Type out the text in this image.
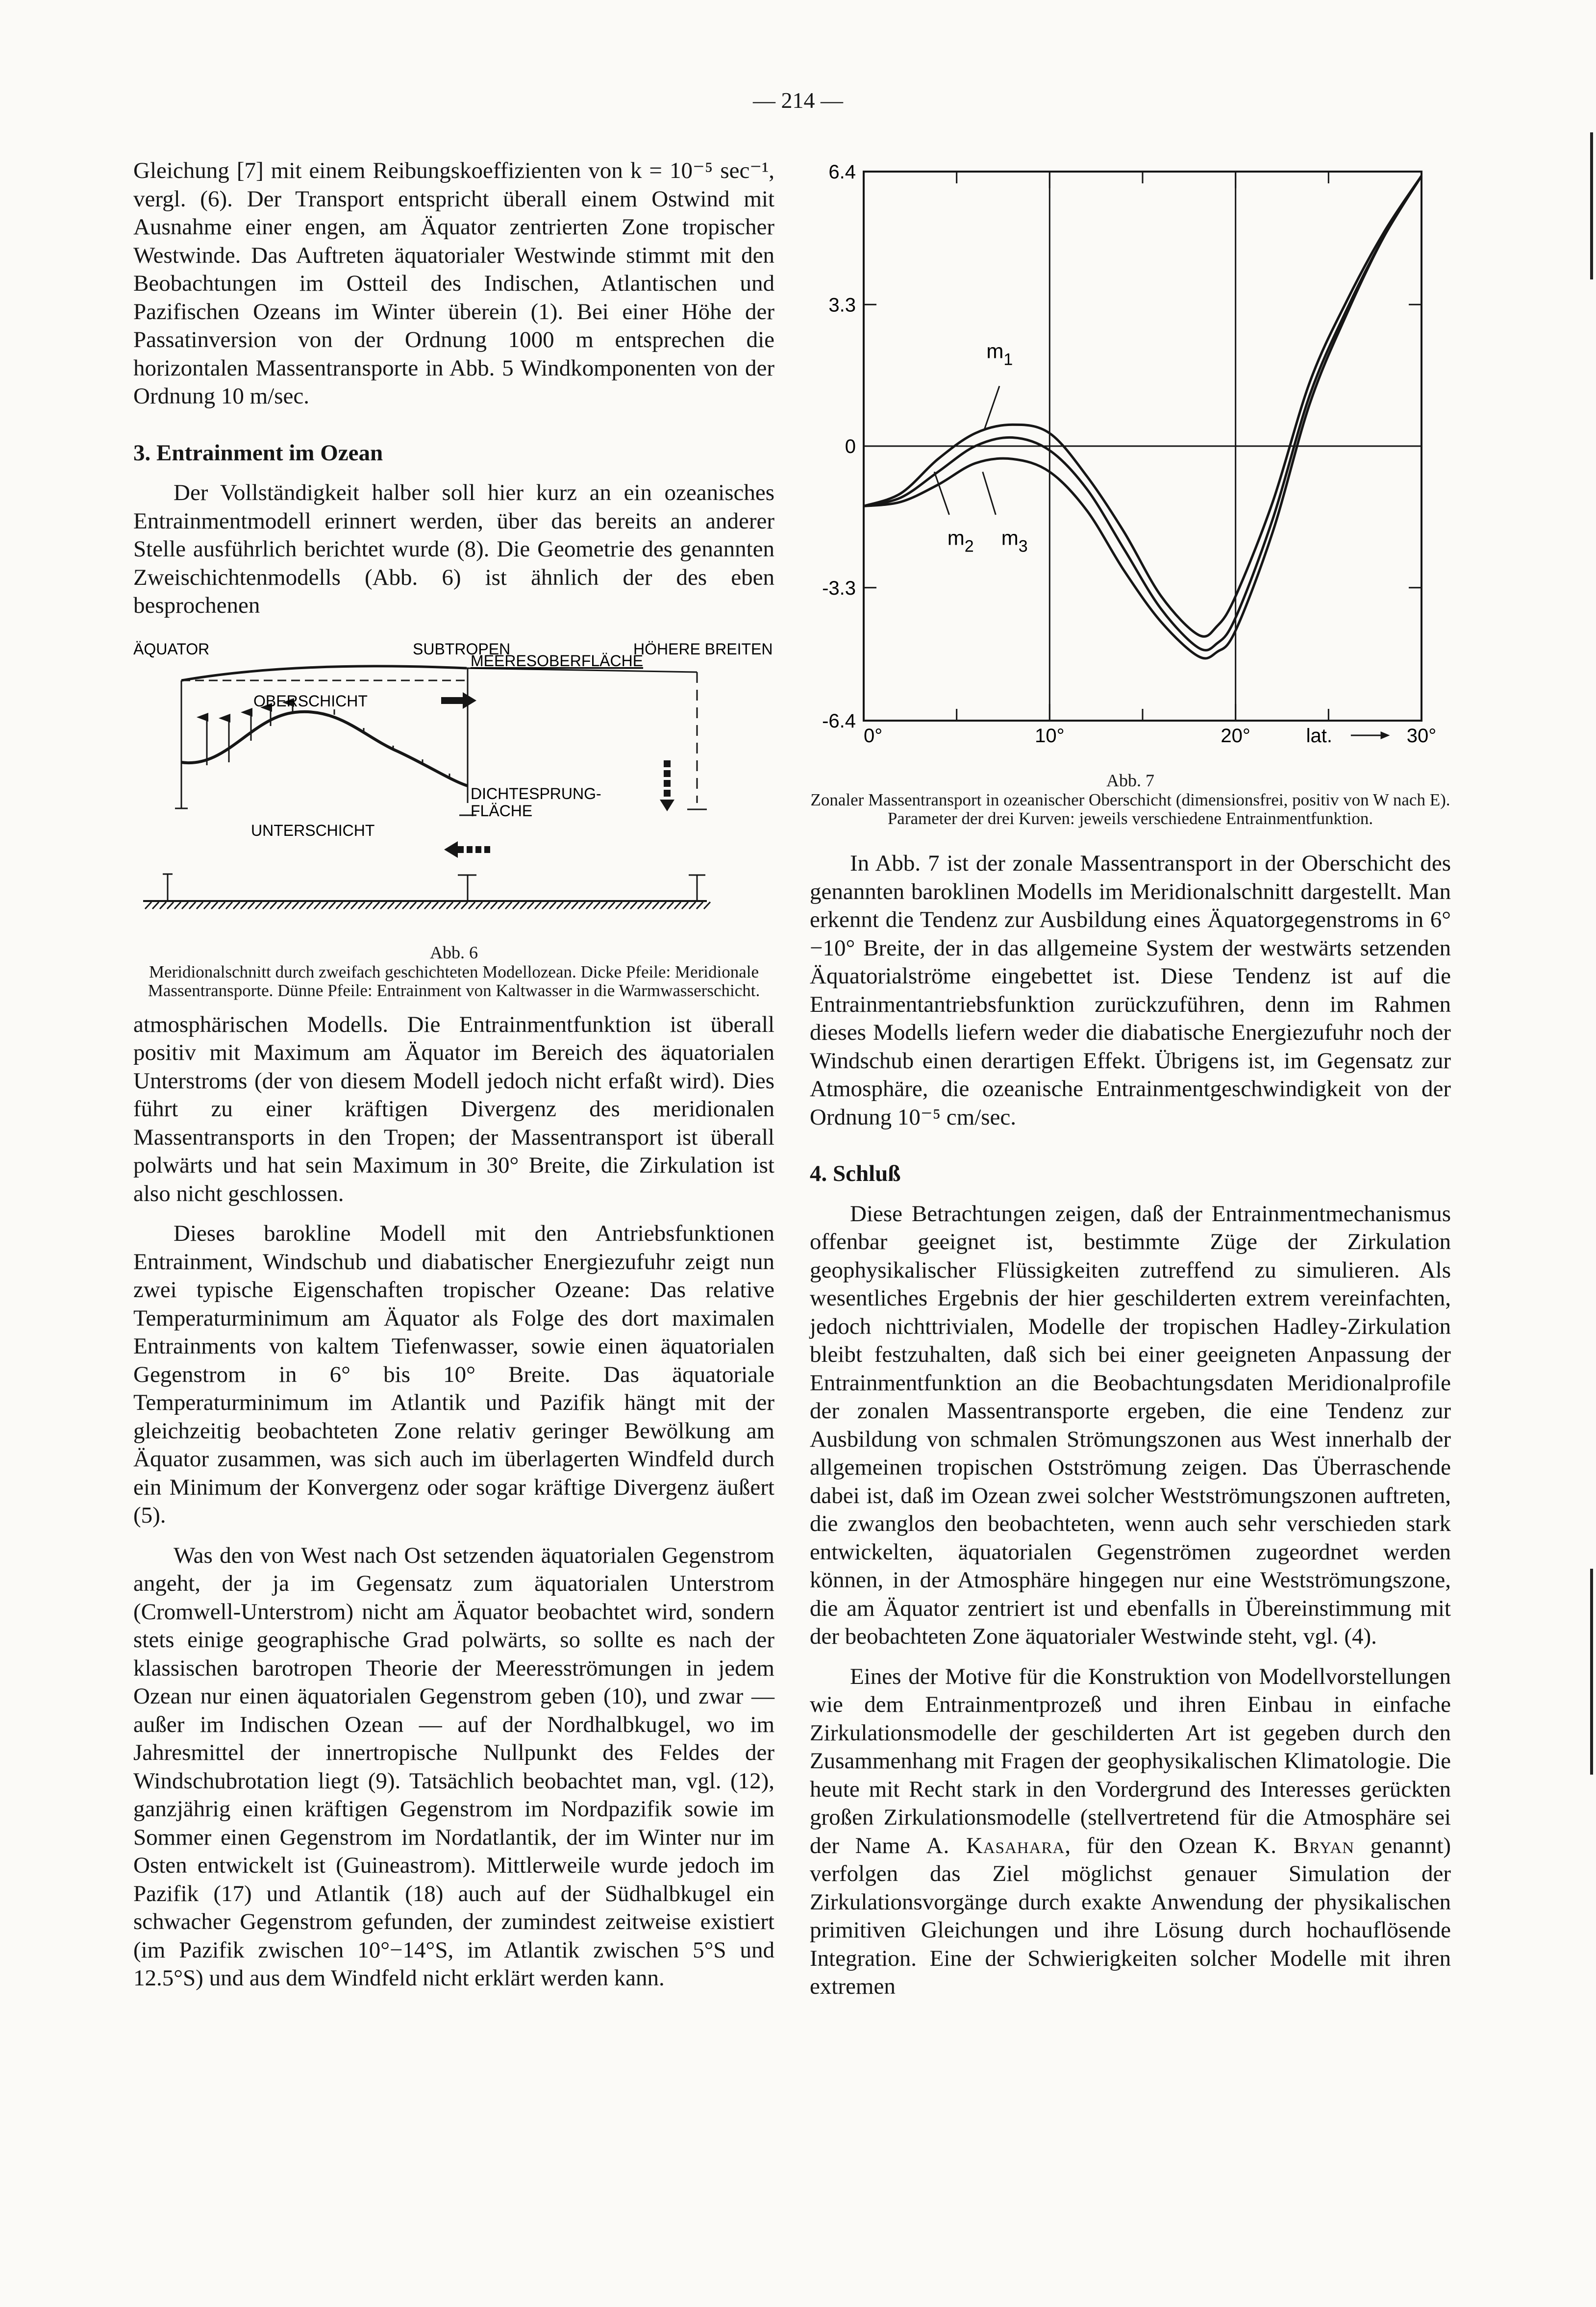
— 214 —

Gleichung [7] mit einem Reibungskoeffizienten von k = 10⁻⁵ sec⁻¹, vergl. (6). Der Transport entspricht überall einem Ostwind mit Ausnahme einer engen, am Äquator zentrierten Zone tropischer Westwinde. Das Auftreten äquatorialer Westwinde stimmt mit den Beobachtungen im Ostteil des Indischen, Atlantischen und Pazifischen Ozeans im Winter überein (1). Bei einer Höhe der Passatinversion von der Ordnung 1000 m entsprechen die horizontalen Massentransporte in Abb. 5 Windkomponenten von der Ordnung 10 m/sec.

3. Entrainment im Ozean

Der Vollständigkeit halber soll hier kurz an ein ozeanisches Entrainmentmodell erinnert werden, über das bereits an anderer Stelle ausführlich berichtet wurde (8). Die Geometrie des genannten Zweischichtenmodells (Abb. 6) ist ähnlich der des eben besprochenen

ÄQUATOR	SUBTROPEN	HÖHERE BREITEN
MEERESOBERFLÄCHE
OBERSCHICHT
UNTERSCHICHT
DICHTESPRUNG-
FLÄCHE
Abb. 6
Meridionalschnitt durch zweifach geschichteten Modellozean. Dicke Pfeile: Meridionale Massentransporte. Dünne Pfeile: Entrainment von Kaltwasser in die Warmwasserschicht.

atmosphärischen Modells. Die Entrainmentfunktion ist überall positiv mit Maximum am Äquator im Bereich des äquatorialen Unterstroms (der von diesem Modell jedoch nicht erfaßt wird). Dies führt zu einer kräftigen Divergenz des meridionalen Massentransports in den Tropen; der Massentransport ist überall polwärts und hat sein Maximum in 30° Breite, die Zirkulation ist also nicht geschlossen.

Dieses barokline Modell mit den Antriebsfunktionen Entrainment, Windschub und diabatischer Energiezufuhr zeigt nun zwei typische Eigenschaften tropischer Ozeane: Das relative Temperaturminimum am Äquator als Folge des dort maximalen Entrainments von kaltem Tiefenwasser, sowie einen äquatorialen Gegenstrom in 6° bis 10° Breite. Das äquatoriale Temperaturminimum im Atlantik und Pazifik hängt mit der gleichzeitig beobachteten Zone relativ geringer Bewölkung am Äquator zusammen, was sich auch im überlagerten Windfeld durch ein Minimum der Konvergenz oder sogar kräftige Divergenz äußert (5).

Was den von West nach Ost setzenden äquatorialen Gegenstrom angeht, der ja im Gegensatz zum äquatorialen Unterstrom (Cromwell-Unterstrom) nicht am Äquator beobachtet wird, sondern stets einige geographische Grad polwärts, so sollte es nach der klassischen barotropen Theorie der Meeresströmungen in jedem Ozean nur einen äquatorialen Gegenstrom geben (10), und zwar — außer im Indischen Ozean — auf der Nordhalbkugel, wo im Jahresmittel der innertropische Nullpunkt des Feldes der Windschubrotation liegt (9). Tatsächlich beobachtet man, vgl. (12), ganzjährig einen kräftigen Gegenstrom im Nordpazifik sowie im Sommer einen Gegenstrom im Nordatlantik, der im Winter nur im Osten entwickelt ist (Guineastrom). Mittlerweile wurde jedoch im Pazifik (17) und Atlantik (18) auch auf der Südhalbkugel ein schwacher Gegenstrom gefunden, der zumindest zeitweise existiert (im Pazifik zwischen 10°−14°S, im Atlantik zwischen 5°S und 12.5°S) und aus dem Windfeld nicht erklärt werden kann.

6.4
3.3
0
-3.3
-6.4
0°	10°	20°	30°
lat.
$m_1$
$m_2$ $m_3$
Abb. 7
Zonaler Massentransport in ozeanischer Oberschicht (dimensionsfrei, positiv von W nach E). Parameter der drei Kurven: jeweils verschiedene Entrainmentfunktion.

In Abb. 7 ist der zonale Massentransport in der Oberschicht des genannten baroklinen Modells im Meridionalschnitt dargestellt. Man erkennt die Tendenz zur Ausbildung eines Äquatorgegenstroms in 6°−10° Breite, der in das allgemeine System der westwärts setzenden Äquatorialströme eingebettet ist. Diese Tendenz ist auf die Entrainmentantriebsfunktion zurückzuführen, denn im Rahmen dieses Modells liefern weder die diabatische Energiezufuhr noch der Windschub einen derartigen Effekt. Übrigens ist, im Gegensatz zur Atmosphäre, die ozeanische Entrainmentgeschwindigkeit von der Ordnung 10⁻⁵ cm/sec.

4. Schluß

Diese Betrachtungen zeigen, daß der Entrainmentmechanismus offenbar geeignet ist, bestimmte Züge der Zirkulation geophysikalischer Flüssigkeiten zutreffend zu simulieren. Als wesentliches Ergebnis der hier geschilderten extrem vereinfachten, jedoch nichttrivialen, Modelle der tropischen Hadley-Zirkulation bleibt festzuhalten, daß sich bei einer geeigneten Anpassung der Entrainmentfunktion an die Beobachtungsdaten Meridionalprofile der zonalen Massentransporte ergeben, die eine Tendenz zur Ausbildung von schmalen Strömungszonen aus West innerhalb der allgemeinen tropischen Ostströmung zeigen. Das Überraschende dabei ist, daß im Ozean zwei solcher Westströmungszonen auftreten, die zwanglos den beobachteten, wenn auch sehr verschieden stark entwickelten, äquatorialen Gegenströmen zugeordnet werden können, in der Atmosphäre hingegen nur eine Westströmungszone, die am Äquator zentriert ist und ebenfalls in Übereinstimmung mit der beobachteten Zone äquatorialer Westwinde steht, vgl. (4).

Eines der Motive für die Konstruktion von Modellvorstellungen wie dem Entrainmentprozeß und ihren Einbau in einfache Zirkulationsmodelle der geschilderten Art ist gegeben durch den Zusammenhang mit Fragen der geophysikalischen Klimatologie. Die heute mit Recht stark in den Vordergrund des Interesses gerückten großen Zirkulationsmodelle (stellvertretend für die Atmosphäre sei der Name A. Kasahara, für den Ozean K. Bryan genannt) verfolgen das Ziel möglichst genauer Simulation der Zirkulationsvorgänge durch exakte Anwendung der physikalischen primitiven Gleichungen und ihre Lösung durch hochauflösende Integration. Eine der Schwierigkeiten solcher Modelle mit ihren extremen
